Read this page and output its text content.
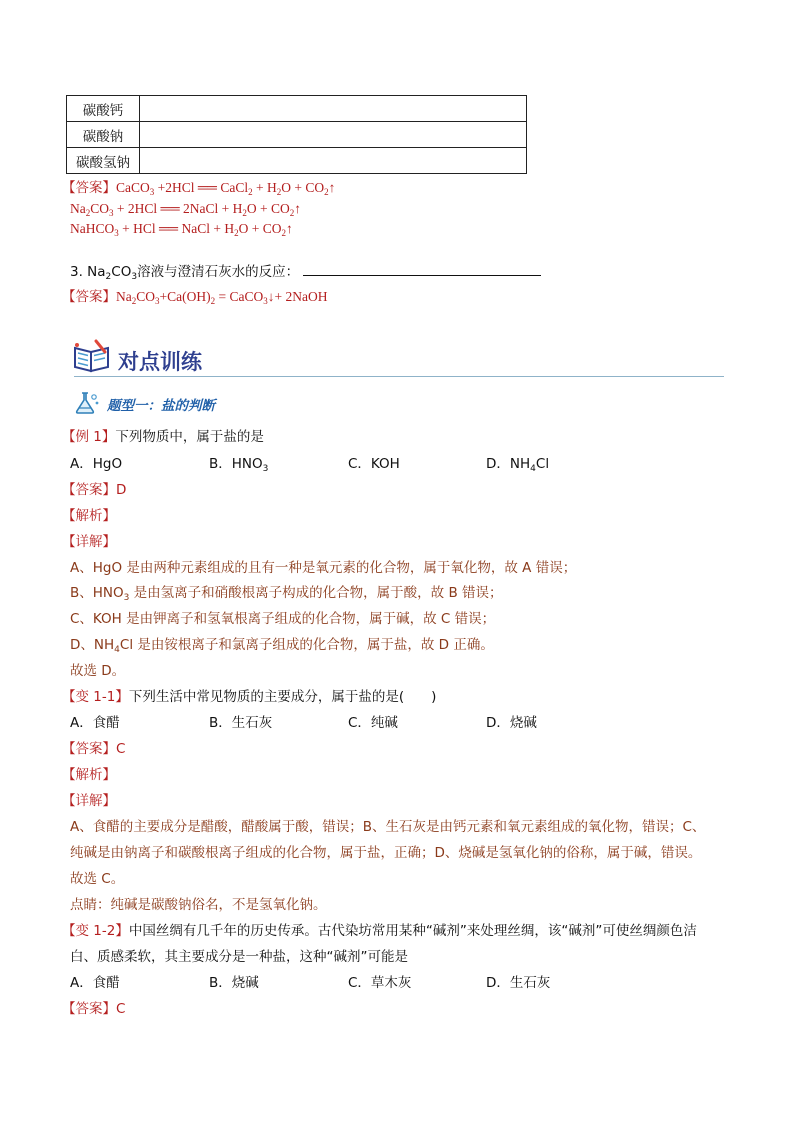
碳酸钙	
碳酸钠	
碳酸氢钠	
【答案】CaCO$_3$ +2HCl ══ CaCl$_2$ + $H_2O$ + $CO_2↑$
$Na_2CO_3 + 2HCl$ ══ 2NaCl + $H_2O$ + $CO_2↑$
NaHCO$_3$ + HCl ══ NaCl + $H_2O$ + $CO_2↑$
3. $Na_2CO_3$溶液与澄清石灰水的反应：
【答案】$Na_2CO_3+Ca(OH)_2$ = CaCO$_3$↓+ 2NaOH
对点训练
题型一：盐的判断
【例 1】下列物质中，属于盐的是
A．HgO	B．$HNO_3$	C．KOH	D．$NH_4Cl$
【答案】D
【解析】
【详解】
A、HgO 是由两种元素组成的且有一种是氧元素的化合物，属于氧化物，故 A 错误；
B、$HNO_3$ 是由氢离子和硝酸根离子构成的化合物，属于酸，故 B 错误；
C、KOH 是由钾离子和氢氧根离子组成的化合物，属于碱，故 C 错误；
D、$NH_4Cl$ 是由铵根离子和氯离子组成的化合物，属于盐，故 D 正确。
故选 D。
【变 1-1】下列生活中常见物质的主要成分，属于盐的是(　　)
A．食醋	B．生石灰	C．纯碱	D．烧碱
【答案】C
【解析】
【详解】
A、食醋的主要成分是醋酸，醋酸属于酸，错误；B、生石灰是由钙元素和氧元素组成的氧化物，错误；C、
纯碱是由钠离子和碳酸根离子组成的化合物，属于盐，正确；D、烧碱是氢氧化钠的俗称，属于碱，错误。
故选 C。
点睛：纯碱是碳酸钠俗名，不是氢氧化钠。
【变 1-2】中国丝绸有几千年的历史传承。古代染坊常用某种“碱剂”来处理丝绸，该“碱剂”可使丝绸颜色洁
白、质感柔软，其主要成分是一种盐，这种“碱剂”可能是
A．食醋	B．烧碱	C．草木灰	D．生石灰
【答案】C
